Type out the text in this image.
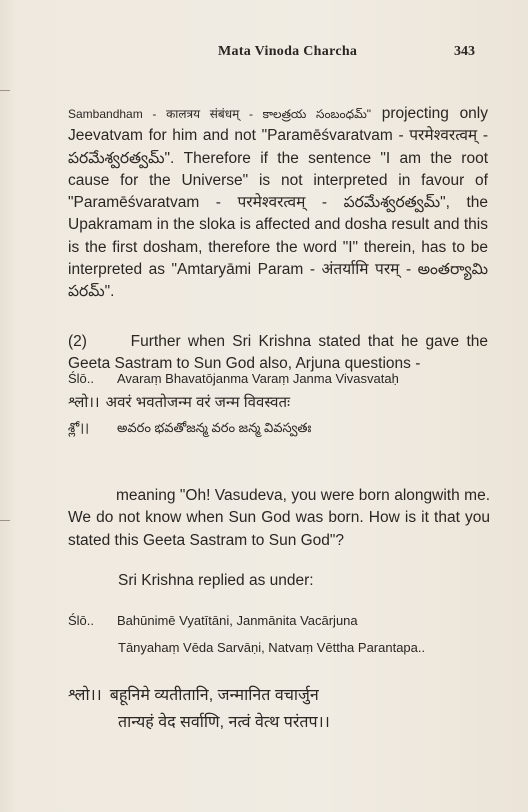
Mata Vinoda Charcha	343
Sambandham - कालत्रय संबंधम् - కాలత్రయ సంబంధమ్" projecting only Jeevatvam for him and not "Paramēśvaratvam - परमेश्वरत्वम् - పరమేశ్వరత్వమ్". Therefore if the sentence "I am the root cause for the Universe" is not interpreted in favour of "Paramēśvaratvam - परमेश्वरत्वम् - పరమేశ్వరత్వమ్", the Upakramam in the sloka is affected and dosha result and this is the first dosham, therefore the word "I" therein, has to be interpreted as "Amtaryāmi Param - अंतर्यामि परम् - అంతర్యామి పరమ్".
(2)      Further when Sri Krishna stated that he gave the Geeta Sastram to Sun God also, Arjuna questions -
Ślō.. Avaraṃ Bhavatōjanma Varaṃ Janma Vivasvataḥ
श्लो।। अवरं भवतोजन्म वरं जन्म विवस्वतः
శ్లో।। అవరం భవతోజన్మ వరం జన్మ వివస్వతః
meaning "Oh! Vasudeva, you were born alongwith me. We do not know when Sun God was born. How is it that you stated this Geeta Sastram to Sun God"?
Sri Krishna replied as under:
Ślō.. Bahūnimē Vyatītāni, Janmānita Vacārjuna
Tānyahaṃ Vēda Sarvāṇi, Natvaṃ Vēttha Parantapa..
श्लो।। बहूनिमे व्यतीतानि, जन्मानित वचार्जुन
तान्यहं वेद सर्वाणि, नत्वं वेत्थ परंतप।।
